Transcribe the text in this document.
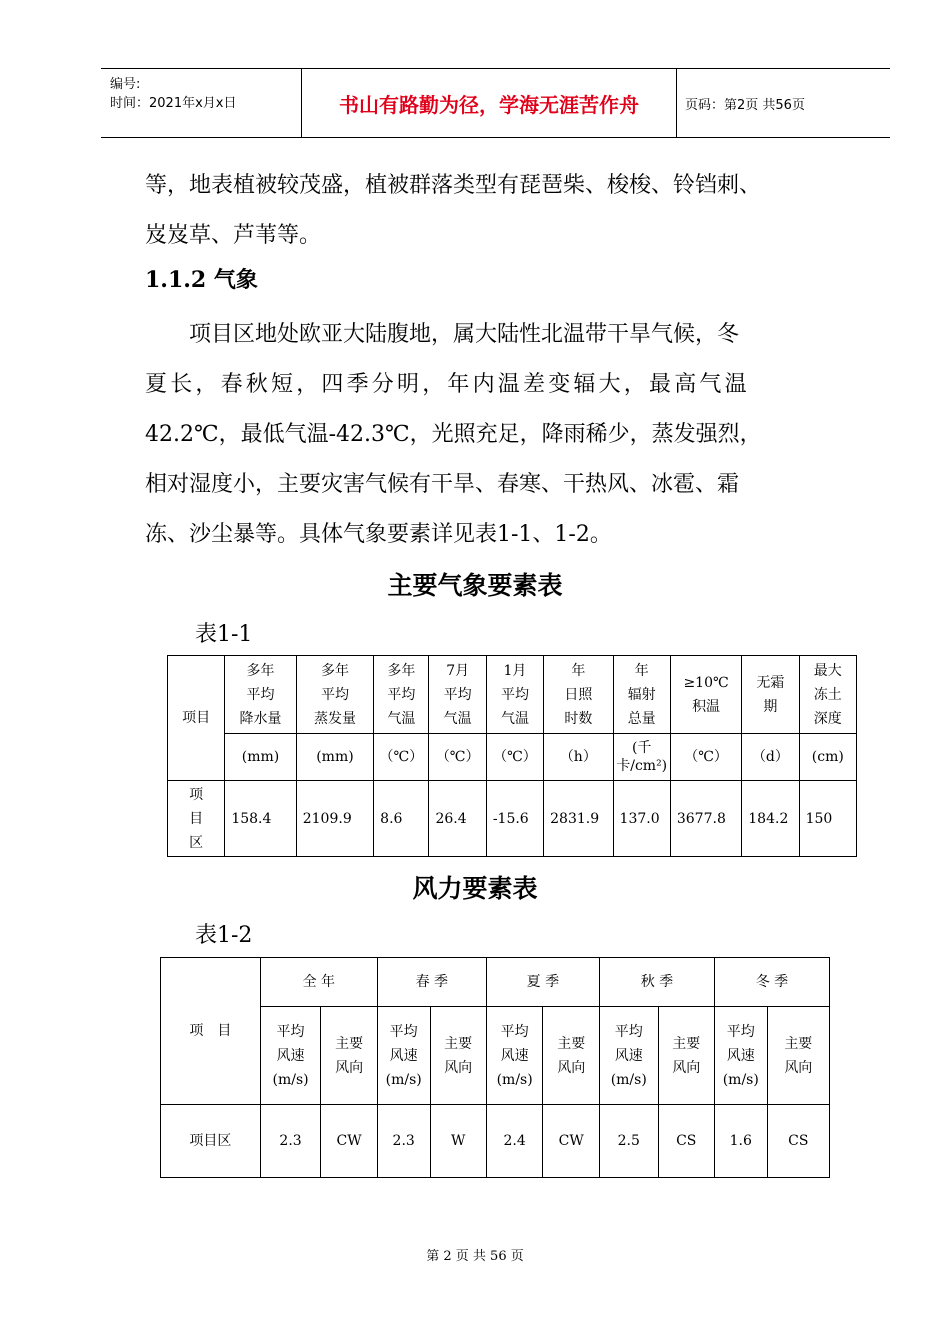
编号:
时间：2021年x月x日	书山有路勤为径，学海无涯苦作舟	页码：第2页 共56页
等，地表植被较茂盛，植被群落类型有琵琶柴、梭梭、铃铛刺、
岌岌草、芦苇等。
1.1.2 气象
　　项目区地处欧亚大陆腹地，属大陆性北温带干旱气候，冬
夏长，春秋短，四季分明，年内温差变辐大，最高气温
42.2℃，最低气温-42.3℃，光照充足，降雨稀少，蒸发强烈，
相对湿度小，主要灾害气候有干旱、春寒、干热风、冰雹、霜
冻、沙尘暴等。具体气象要素详见表1-1、1-2。
主要气象要素表
表1-1
项目	多年
平均
降水量	多年
平均
蒸发量	多年
平均
气温	7月
平均
气温	1月
平均
气温	年
日照
时数	年
辐射
总量	≥10℃
积温	无霜
期	最大
冻土
深度
	(mm)	(mm)	（℃）	（℃）	（℃）	（h）	(千卡/cm²)	（℃）	（d）	(cm)
项
目
区	158.4	2109.9	8.6	26.4	-15.6	2831.9	137.0	3677.8	184.2	150
风力要素表
表1-2
项　目	全 年		春 季		夏 季		秋 季		冬 季	
	平均
风速
(m/s)	主要
风向	平均
风速
(m/s)	主要
风向	平均
风速
(m/s)	主要
风向	平均
风速
(m/s)	主要
风向	平均
风速
(m/s)	主要
风向
项目区	2.3	CW	2.3	W	2.4	CW	2.5	CS	1.6	CS
第 2 页 共 56 页
